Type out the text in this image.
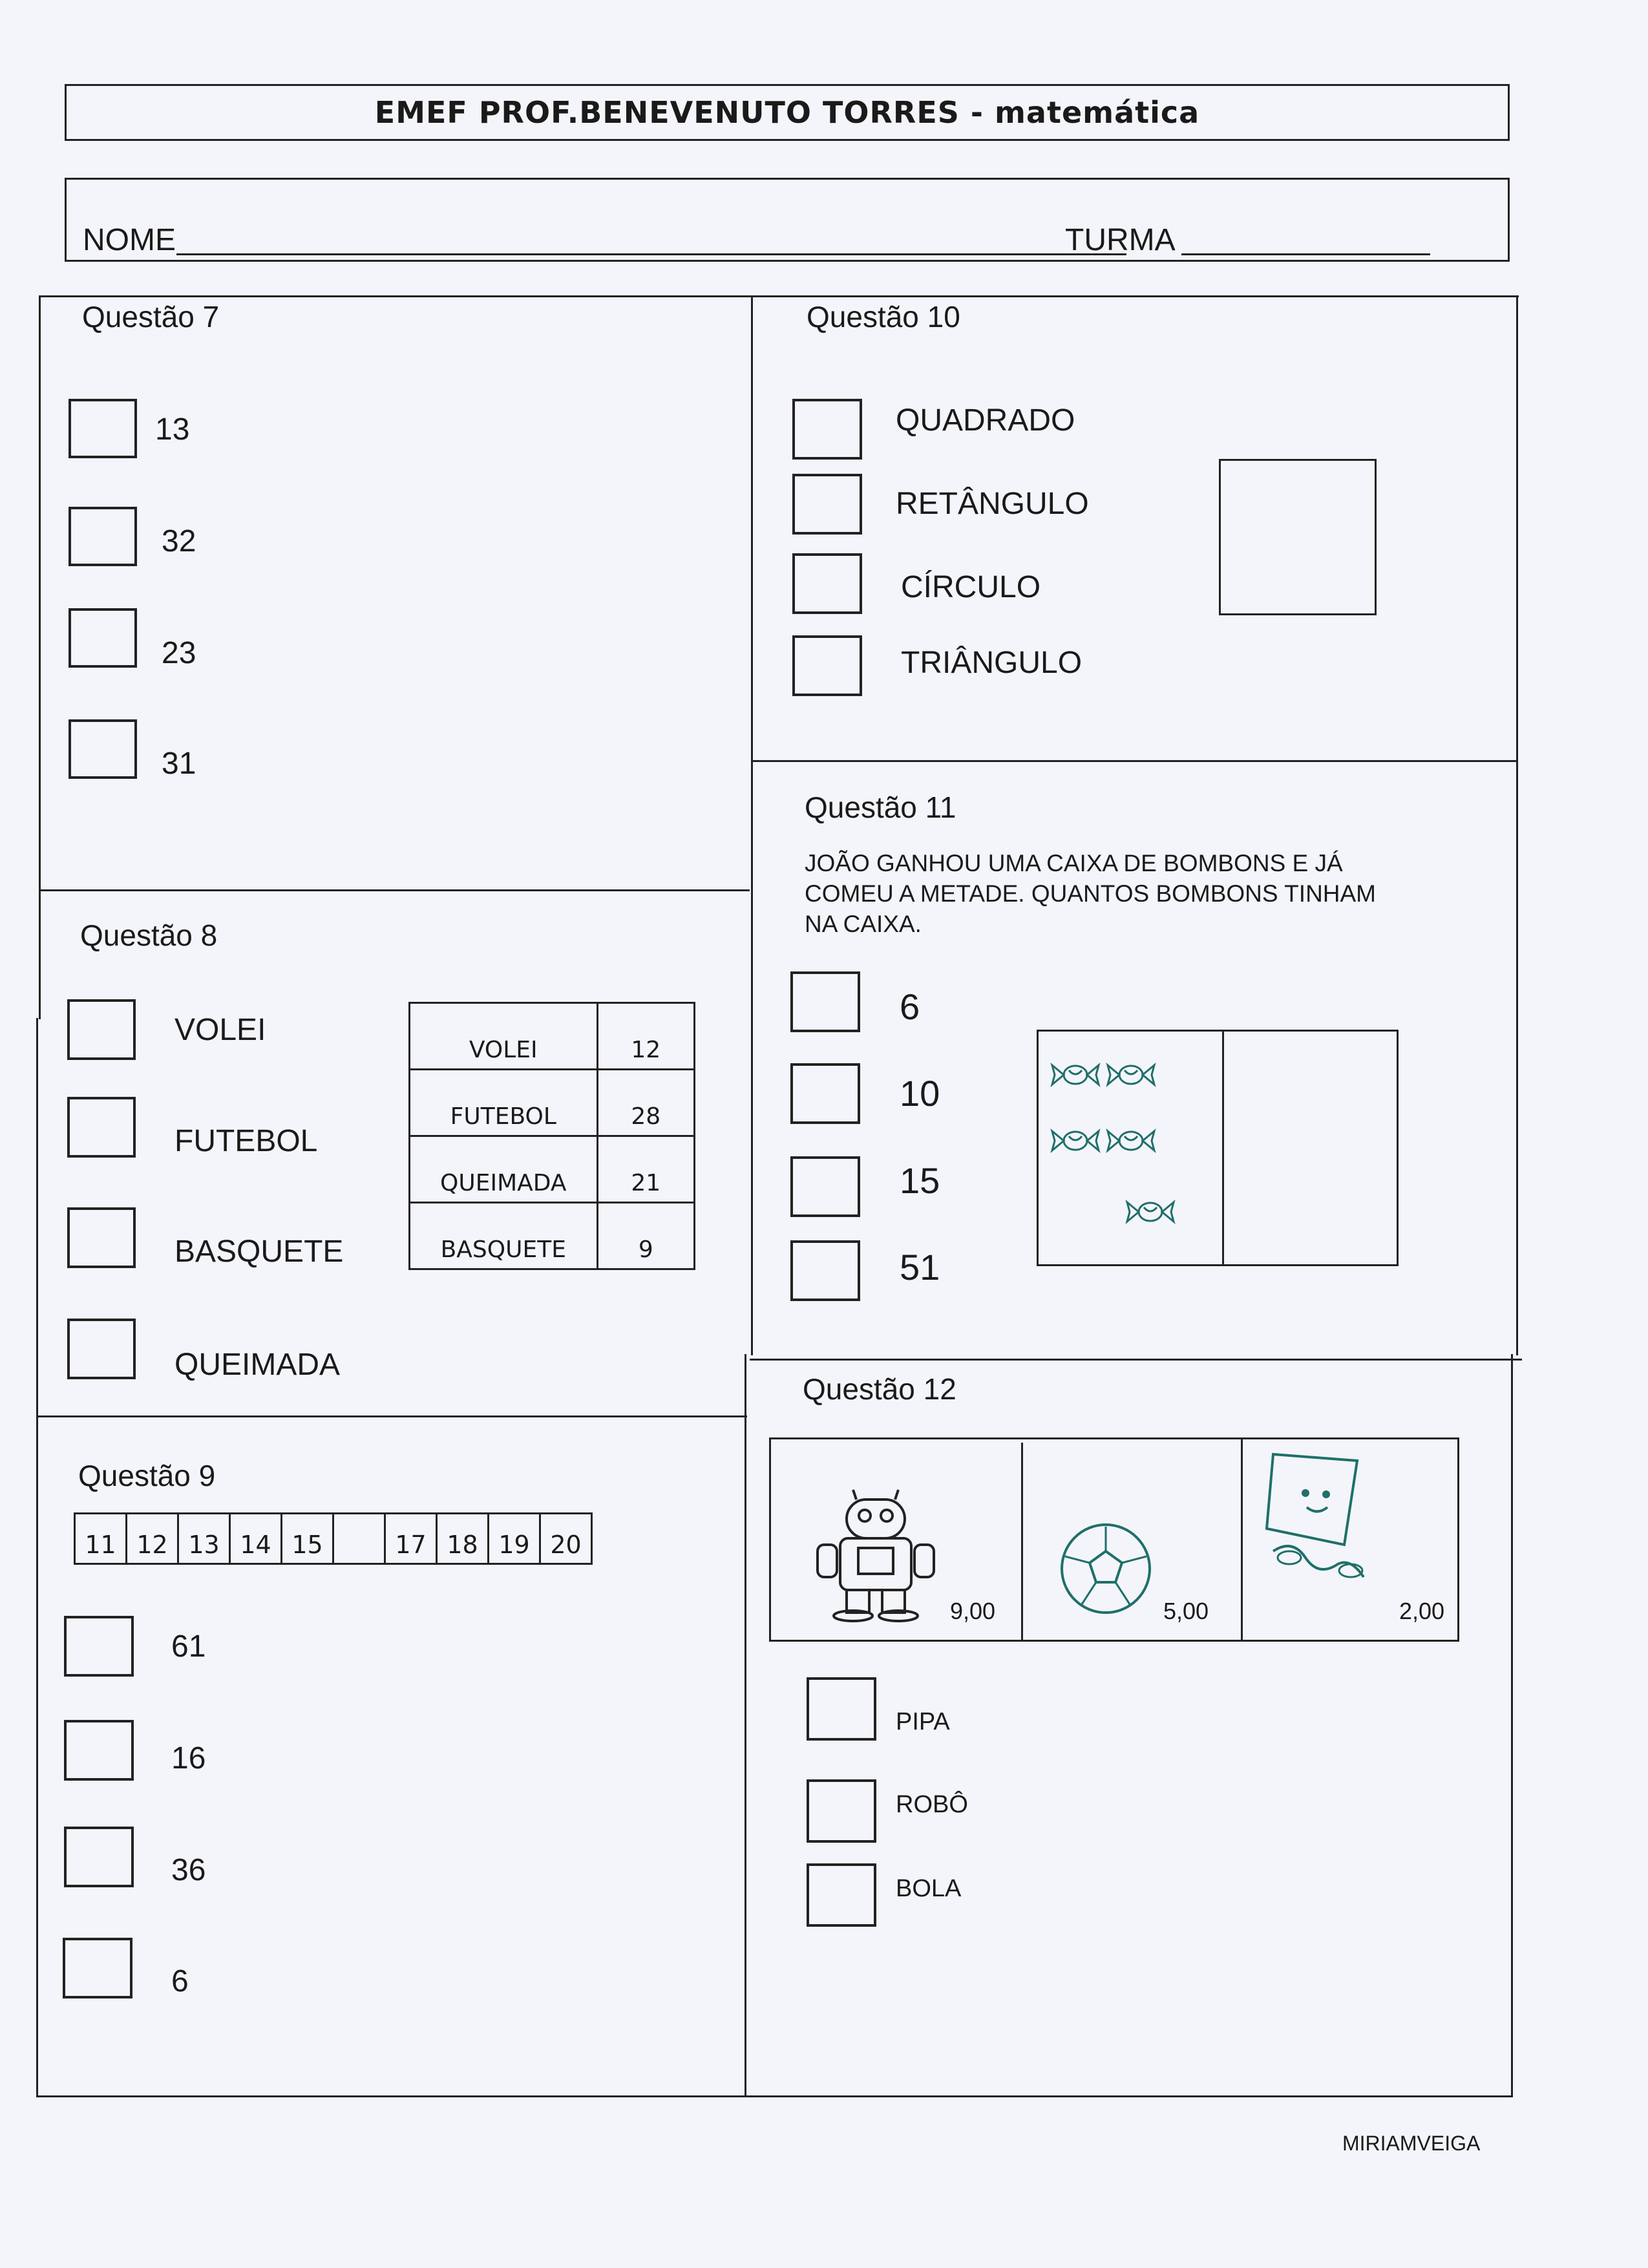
EMEF PROF.BENEVENUTO TORRES
-
matemática
NOME	TURMA
Questão 7
13
32
23
31
Questão 8
VOLEI
FUTEBOL
BASQUETE
QUEIMADA
VOLEI	12
FUTEBOL	28
QUEIMADA	21
BASQUETE	9
Questão 9
11	12	13	14	15		17	18	19	20
61
16
36
6
Questão 10
QUADRADO
RETÂNGULO
CÍRCULO
TRIÂNGULO
Questão 11
JOÃO GANHOU UMA CAIXA DE BOMBONS E JÁ
COMEU A METADE. QUANTOS BOMBONS TINHAM
NA CAIXA.
6
10
15
51
Questão 12
9,00	5,00	2,00
PIPA
ROBÔ
BOLA
MIRIAMVEIGA
